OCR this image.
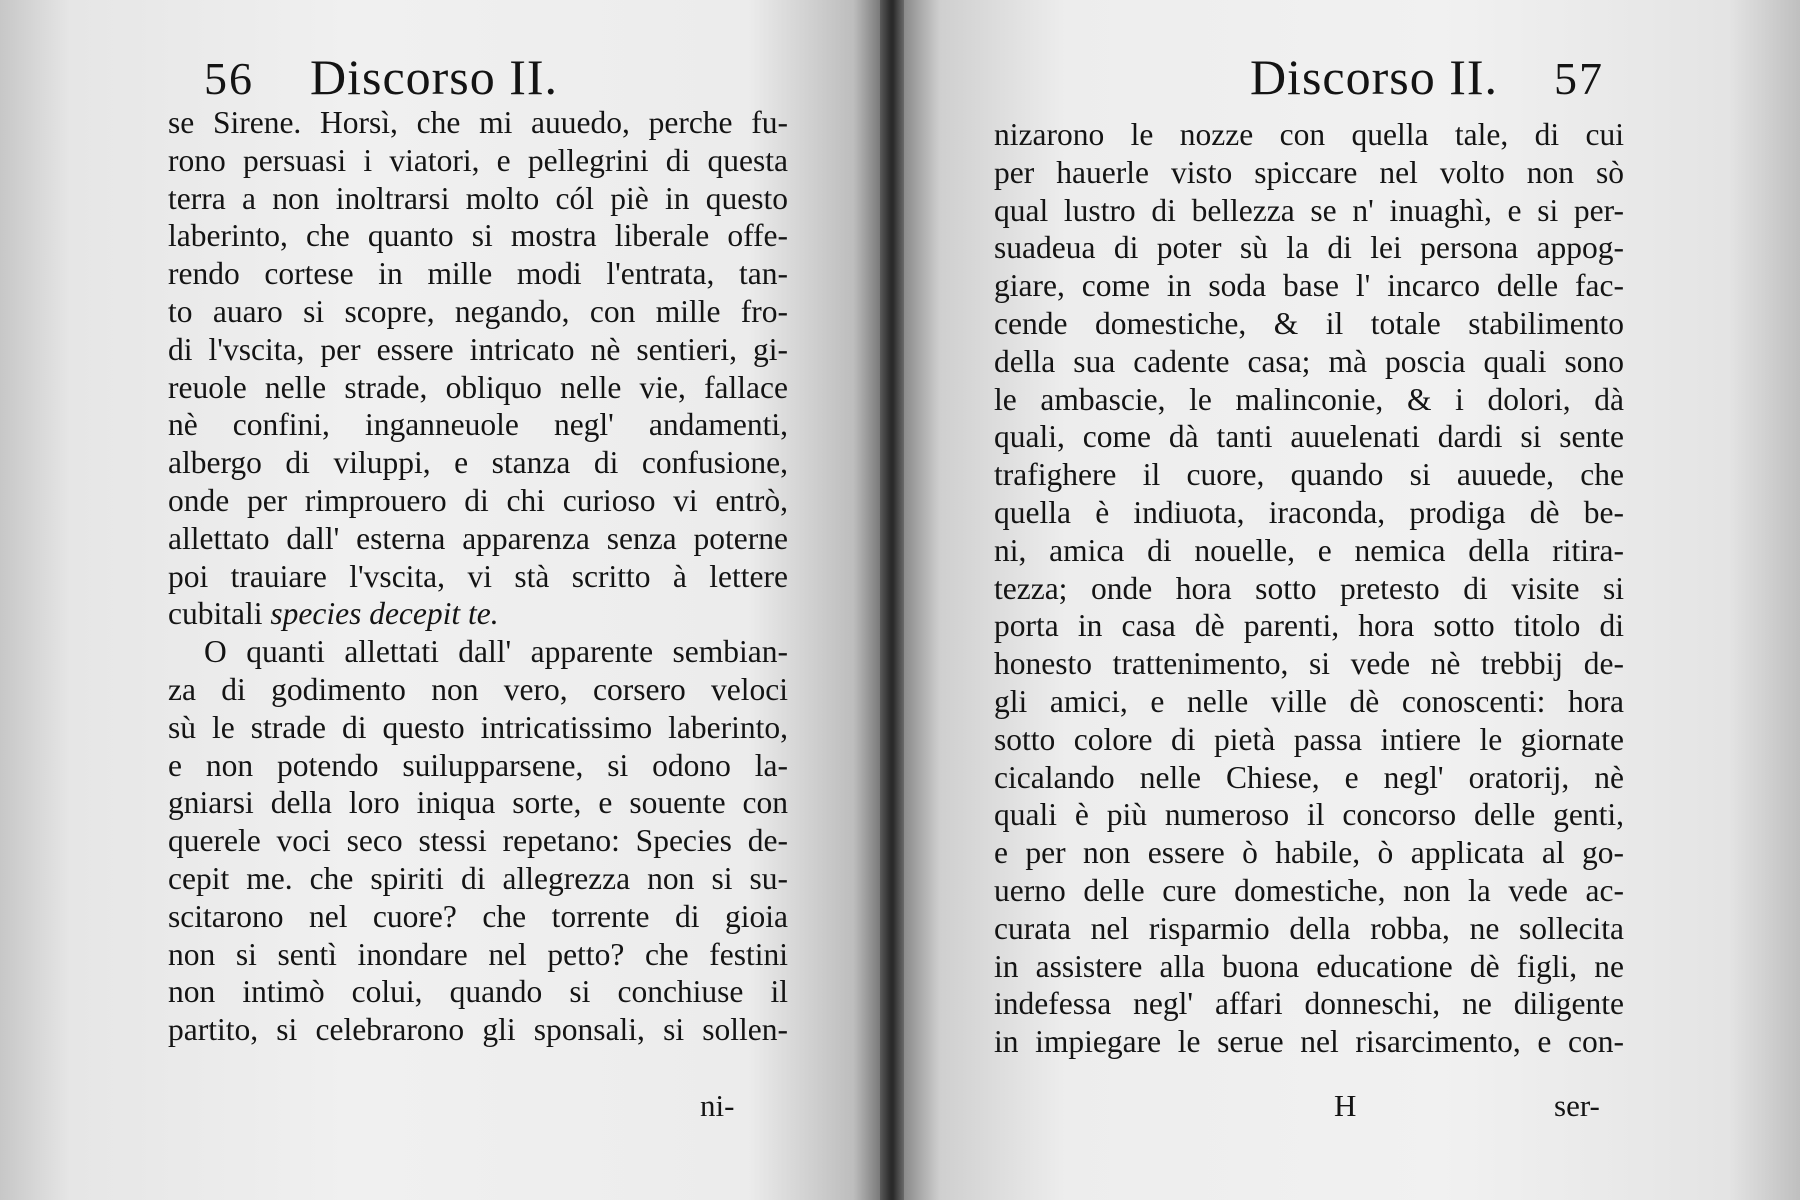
56 Discorso II.
se Sirene. Horsì, che mi auuedo, perche fu-
rono persuasi i viatori, e pellegrini di questa
terra a non inoltrarsi molto cól piè in questo
laberinto, che quanto si mostra liberale offe-
rendo cortese in mille modi l'entrata, tan-
to auaro si scopre, negando, con mille fro-
di l'vscita, per essere intricato nè sentieri, gi-
reuole nelle strade, obliquo nelle vie, fallace
nè confini, inganneuole negl' andamenti,
albergo di viluppi, e stanza di confusione,
onde per rimprouero di chi curioso vi entrò,
allettato dall' esterna apparenza senza poterne
poi trauiare l'vscita, vi stà scritto à lettere
cubitali species decepit te.
O quanti allettati dall' apparente sembian-
za di godimento non vero, corsero veloci
sù le strade di questo intricatissimo laberinto,
e non potendo suilupparsene, si odono la-
gniarsi della loro iniqua sorte, e souente con
querele voci seco stessi repetano: Species de-
cepit me. che spiriti di allegrezza non si su-
scitarono nel cuore? che torrente di gioia
non si sentì inondare nel petto? che festini
non intimò colui, quando si conchiuse il
partito, si celebrarono gli sponsali, si sollen-
ni-
Discorso II. 57
nizarono le nozze con quella tale, di cui
per hauerle visto spiccare nel volto non sò
qual lustro di bellezza se n' inuaghì, e si per-
suadeua di poter sù la di lei persona appog-
giare, come in soda base l' incarco delle fac-
cende domestiche, & il totale stabilimento
della sua cadente casa; mà poscia quali sono
le ambascie, le malinconie, & i dolori, dà
quali, come dà tanti auuelenati dardi si sente
trafighere il cuore, quando si auuede, che
quella è indiuota, iraconda, prodiga dè be-
ni, amica di nouelle, e nemica della ritira-
tezza; onde hora sotto pretesto di visite si
porta in casa dè parenti, hora sotto titolo di
honesto trattenimento, si vede nè trebbij de-
gli amici, e nelle ville dè conoscenti: hora
sotto colore di pietà passa intiere le giornate
cicalando nelle Chiese, e negl' oratorij, nè
quali è più numeroso il concorso delle genti,
e per non essere ò habile, ò applicata al go-
uerno delle cure domestiche, non la vede ac-
curata nel risparmio della robba, ne sollecita
in assistere alla buona educatione dè figli, ne
indefessa negl' affari donneschi, ne diligente
in impiegare le serue nel risarcimento, e con-
H	ser-
